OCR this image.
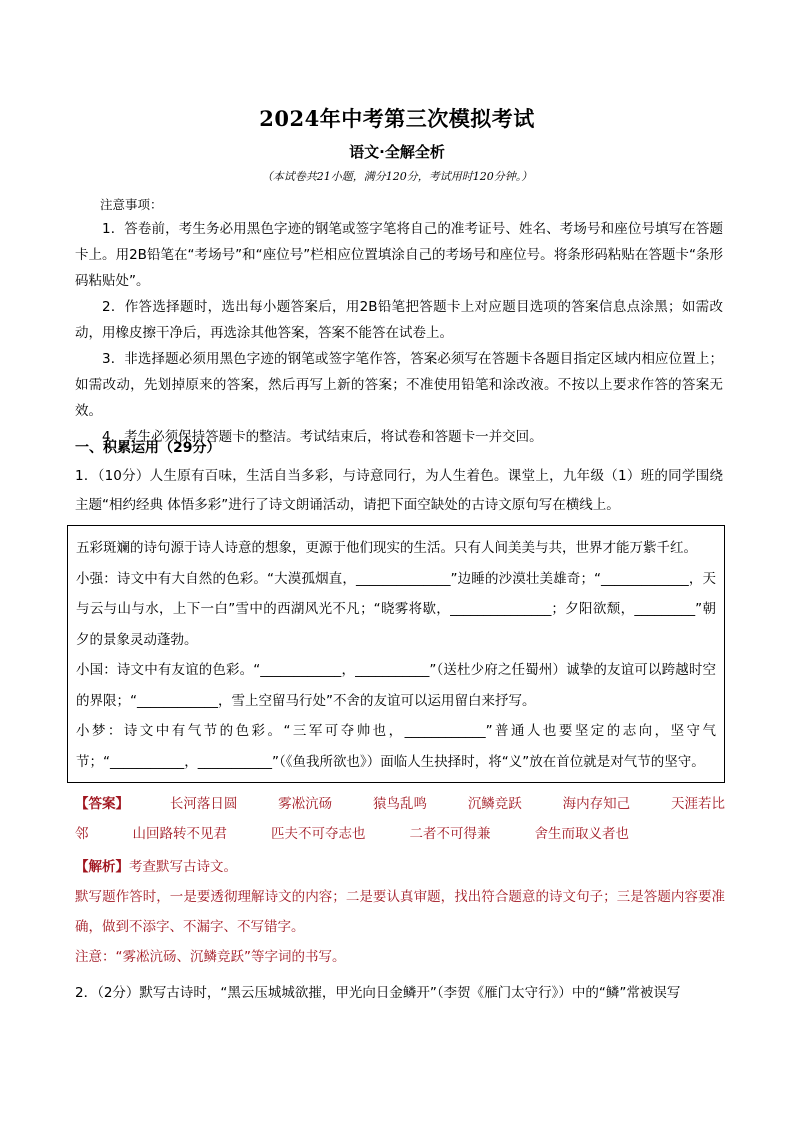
2024年中考第三次模拟考试
语文·全解全析
（本试卷共21小题，满分120分，考试用时120分钟。）
注意事项：

1．答卷前，考生务必用黑色字迹的钢笔或签字笔将自己的准考证号、姓名、考场号和座位号填写在答题卡上。用2B铅笔在“考场号”和“座位号”栏相应位置填涂自己的考场号和座位号。将条形码粘贴在答题卡“条形码粘贴处”。

2．作答选择题时，选出每小题答案后，用2B铅笔把答题卡上对应题目选项的答案信息点涂黑；如需改动，用橡皮擦干净后，再选涂其他答案，答案不能答在试卷上。

3．非选择题必须用黑色字迹的钢笔或签字笔作答，答案必须写在答题卡各题目指定区域内相应位置上；如需改动，先划掉原来的答案，然后再写上新的答案；不准使用铅笔和涂改液。不按以上要求作答的答案无效。

4．考生必须保持答题卡的整洁。考试结束后，将试卷和答题卡一并交回。

一、积累运用（29分）
1．（10分）人生原有百味，生活自当多彩，与诗意同行，为人生着色。课堂上，九年级（1）班的同学围绕主题“相约经典 体悟多彩”进行了诗文朗诵活动，请把下面空缺处的古诗文原句写在横线上。

五彩斑斓的诗句源于诗人诗意的想象，更源于他们现实的生活。只有人间美美与共，世界才能万紫千红。

小强：诗文中有大自然的色彩。“大漠孤烟直，______________”边睡的沙漠壮美雄奇；“_____________，天与云与山与水，上下一白”雪中的西湖风光不凡；“晓雾将歇，_______________；夕阳欲颓，_________”朝夕的景象灵动蓬勃。

小国：诗文中有友谊的色彩。“____________，___________”（送杜少府之任蜀州）诚挚的友谊可以跨越时空的界限；“____________，雪上空留马行处”不舍的友谊可以运用留白来抒写。

小梦：诗文中有气节的色彩。“三军可夺帅也，____________”普通人也要坚定的志向，坚守气节；“___________，___________”（《鱼我所欲也》）面临人生抉择时，将“义”放在首位就是对气节的坚守。

【答案】	长河落日圆	雾凇沆砀	猿鸟乱鸣	沉鳞竞跃	海内存知己	天涯若比
邻	山回路转不见君	匹夫不可夺志也	二者不可得兼	舍生而取义者也

【解析】考查默写古诗文。

默写题作答时，一是要透彻理解诗文的内容；二是要认真审题，找出符合题意的诗文句子；三是答题内容要准确，做到不添字、不漏字、不写错字。

注意：“雾凇沆砀、沉鳞竞跃”等字词的书写。

2．（2分）默写古诗时，“黑云压城城欲摧，甲光向日金鳞开”（李贺《雁门太守行》）中的“鳞”常被误写
